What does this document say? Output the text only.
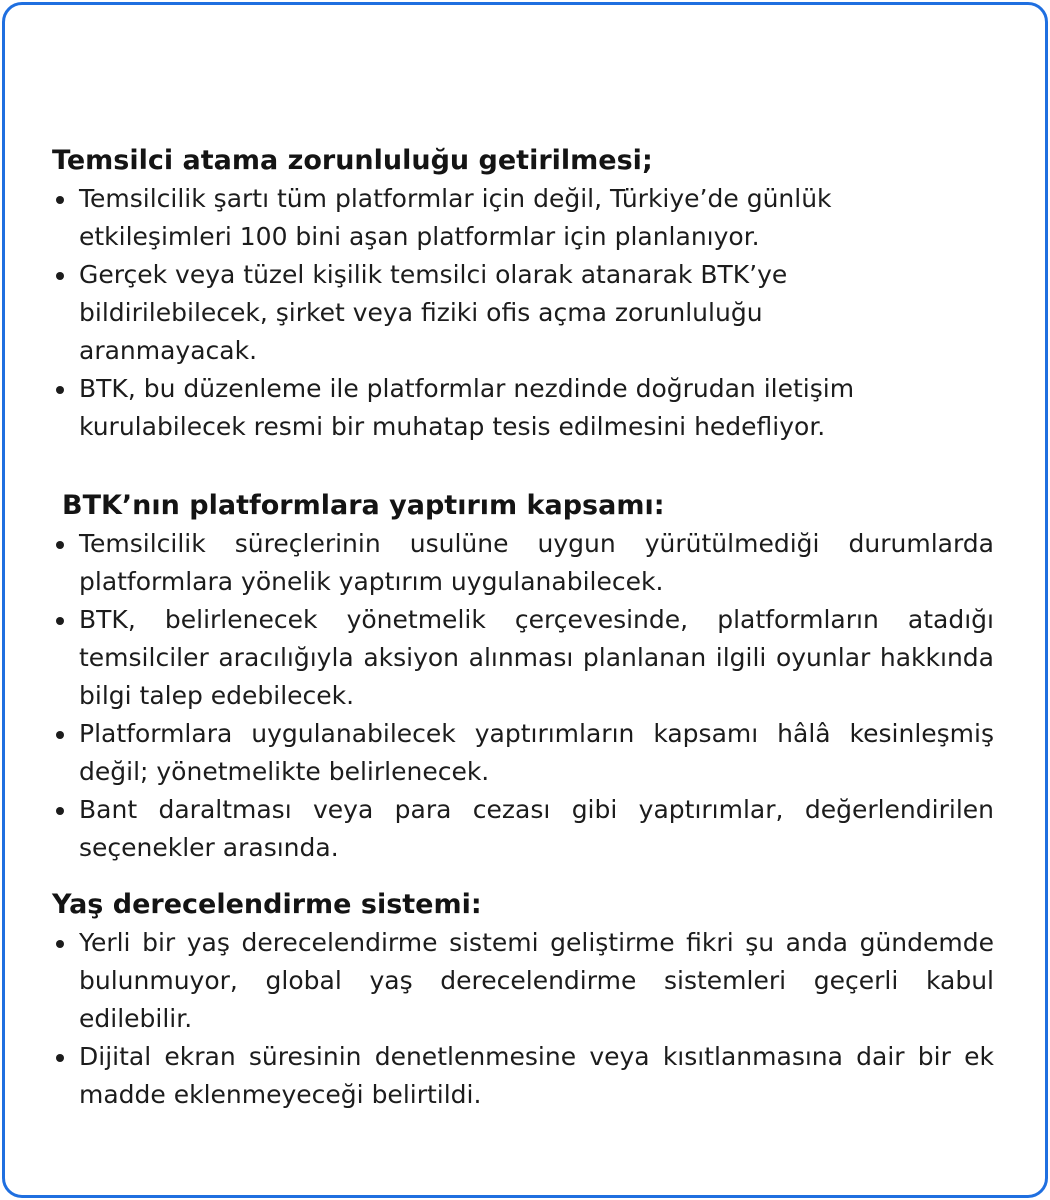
Temsilci atama zorunluluğu getirilmesi;
Temsilcilik şartı tüm platformlar için değil, Türkiye’de günlük etkileşimleri 100 bini aşan platformlar için planlanıyor.
Gerçek veya tüzel kişilik temsilci olarak atanarak BTK’ye bildirilebilecek, şirket veya fiziki ofis açma zorunluluğu aranmayacak.
BTK, bu düzenleme ile platformlar nezdinde doğrudan iletişim kurulabilecek resmi bir muhatap tesis edilmesini hedefliyor.
BTK’nın platformlara yaptırım kapsamı:
Temsilcilik süreçlerinin usulüne uygun yürütülmediği durumlarda platformlara yönelik yaptırım uygulanabilecek.
BTK, belirlenecek yönetmelik çerçevesinde, platformların atadığı temsilciler aracılığıyla aksiyon alınması planlanan ilgili oyunlar hakkında bilgi talep edebilecek.
Platformlara uygulanabilecek yaptırımların kapsamı hâlâ kesinleşmiş değil; yönetmelikte belirlenecek.
Bant daraltması veya para cezası gibi yaptırımlar, değerlendirilen seçenekler arasında.
Yaş derecelendirme sistemi:
Yerli bir yaş derecelendirme sistemi geliştirme fikri şu anda gündemde bulunmuyor, global yaş derecelendirme sistemleri geçerli kabul edilebilir.
Dijital ekran süresinin denetlenmesine veya kısıtlanmasına dair bir ek madde eklenmeyeceği belirtildi.
